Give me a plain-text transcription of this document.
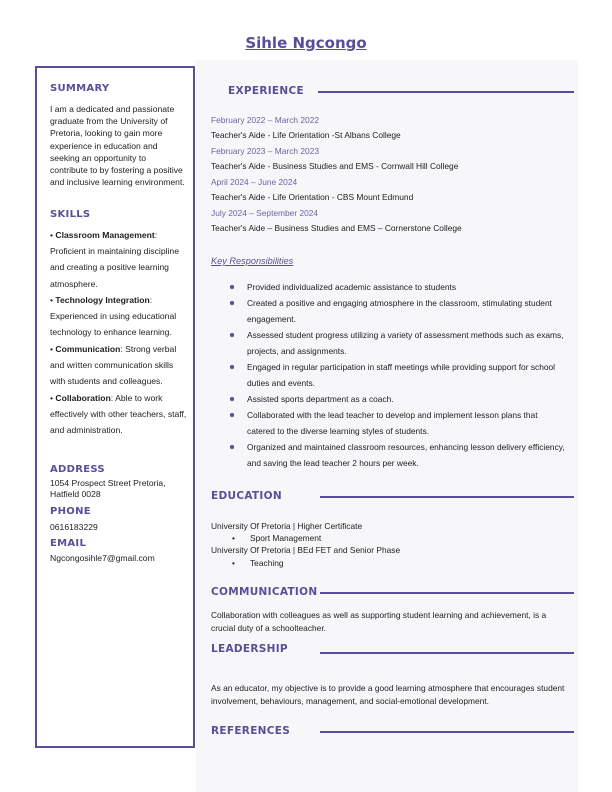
Sihle Ngcongo
SUMMARY
I am a dedicated and passionate graduate from the University of Pretoria, looking to gain more experience in education and seeking an opportunity to contribute to by fostering a positive and inclusive learning environment.
SKILLS
• Classroom Management: Proficient in maintaining discipline and creating a positive learning atmosphere.
• Technology Integration: Experienced in using educational technology to enhance learning.
• Communication: Strong verbal and written communication skills with students and colleagues.
• Collaboration: Able to work effectively with other teachers, staff, and administration.
ADDRESS
1054 Prospect Street Pretoria,
Hatfield 0028
PHONE
0616183229
EMAIL
Ngcongosihle7@gmail.com
EXPERIENCE
February 2022 – March 2022
Teacher's Aide - Life Orientation -St Albans College
February 2023 – March 2023
Teacher's Aide - Business Studies and EMS - Cornwall Hill College
April 2024 – June 2024
Teacher's Aide - Life Orientation - CBS Mount Edmund
July 2024 – September 2024
Teacher's Aide – Business Studies and EMS – Cornerstone College
Key Responsibilities
Provided individualized academic assistance to students
Created a positive and engaging atmosphere in the classroom, stimulating student engagement.
Assessed student progress utilizing a variety of assessment methods such as exams, projects, and assignments.
Engaged in regular participation in staff meetings while providing support for school duties and events.
Assisted sports department as a coach.
Collaborated with the lead teacher to develop and implement lesson plans that catered to the diverse learning styles of students.
Organized and maintained classroom resources, enhancing lesson delivery efficiency, and saving the lead teacher 2 hours per week.
EDUCATION
University Of Pretoria | Higher Certificate
• Sport Management
University Of Pretoria | BEd FET and Senior Phase
• Teaching
COMMUNICATION
Collaboration with colleagues as well as supporting student learning and achievement, is a crucial duty of a schoolteacher.
LEADERSHIP
As an educator, my objective is to provide a good learning atmosphere that encourages student involvement, behaviours, management, and social-emotional development.
REFERENCES
